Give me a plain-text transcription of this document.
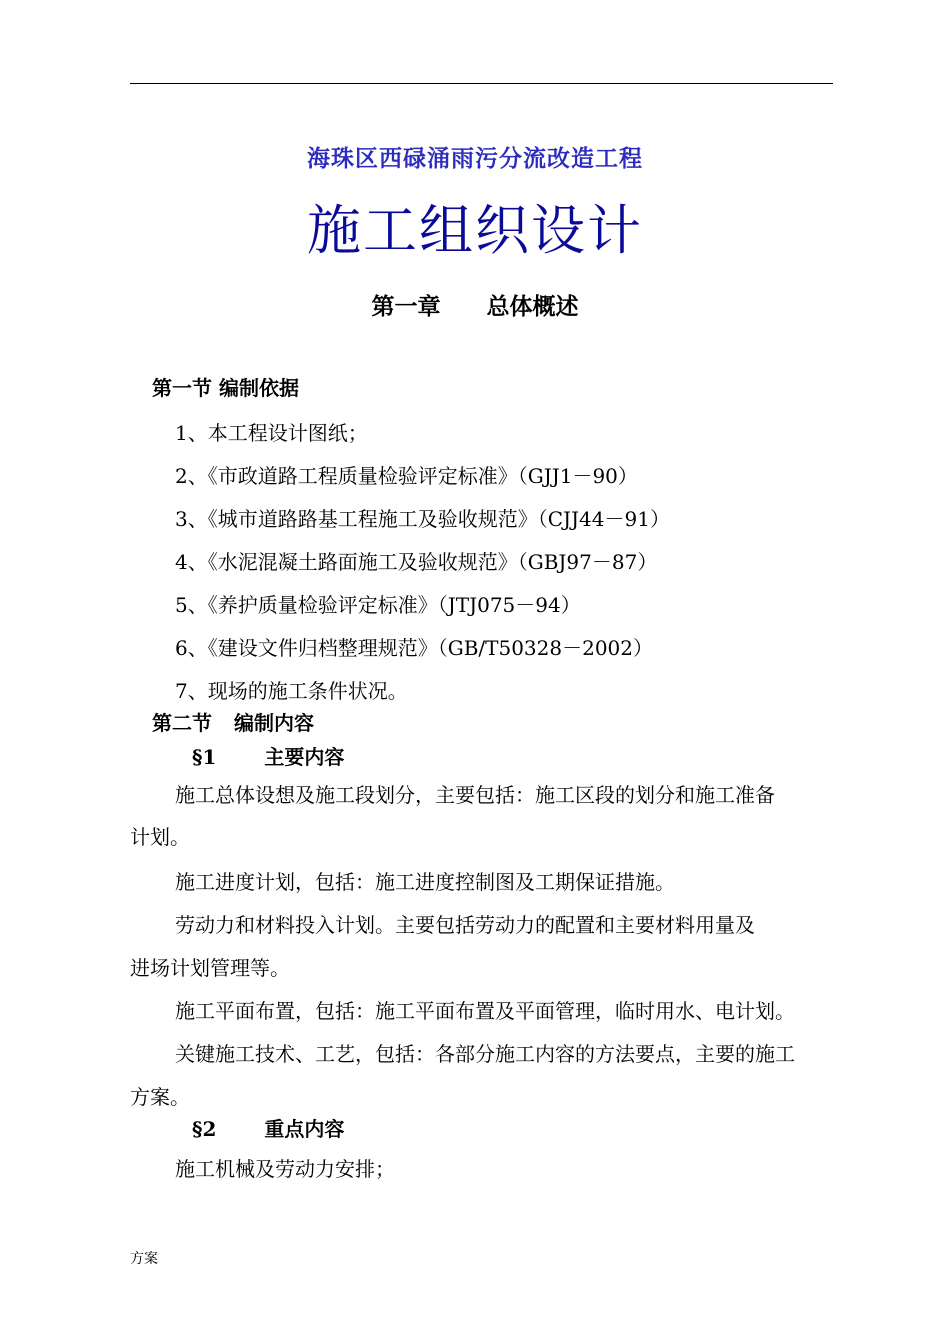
海珠区西碌涌雨污分流改造工程
施工组织设计
第一章 总体概述
第一节 编制依据
1、本工程设计图纸；
2、《市政道路工程质量检验评定标准》（GJJ1－90）
3、《城市道路路基工程施工及验收规范》（CJJ44－91）
4、《水泥混凝土路面施工及验收规范》（GBJ97－87）
5、《养护质量检验评定标准》（JTJ075－94）
6、《建设文件归档整理规范》（GB/T50328－2002）
7、现场的施工条件状况。
第二节 编制内容
§1 主要内容
施工总体设想及施工段划分，主要包括：施工区段的划分和施工准备
计划。
施工进度计划，包括：施工进度控制图及工期保证措施。
劳动力和材料投入计划。主要包括劳动力的配置和主要材料用量及
进场计划管理等。
施工平面布置，包括：施工平面布置及平面管理，临时用水、电计划。
关键施工技术、工艺，包括：各部分施工内容的方法要点，主要的施工
方案。
§2 重点内容
施工机械及劳动力安排；
方案
